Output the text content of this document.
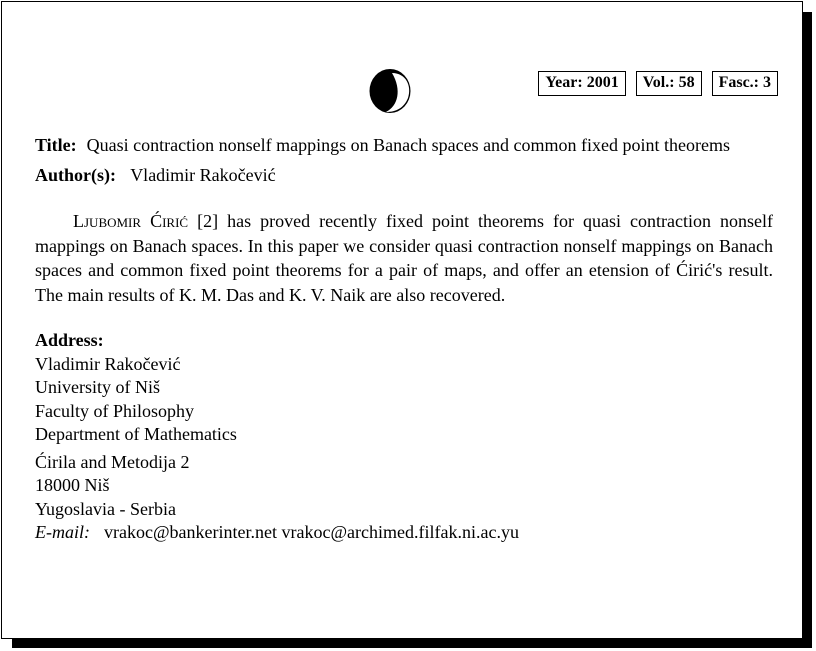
Year: 2001	Vol.: 58	Fasc.: 3
Title: Quasi contraction nonself mappings on Banach spaces and common fixed point theorems
Author(s): Vladimir Rakočević
Ljubomir Ćirić [2] has proved recently fixed point theorems for quasi contraction nonself mappings on Banach spaces. In this paper we consider quasi contraction nonself mappings on Banach spaces and common fixed point theorems for a pair of maps, and offer an etension of Ćirić's result. The main results of K. M. Das and K. V. Naik are also recovered.
Address:
Vladimir Rakočević
University of Niš
Faculty of Philosophy
Department of Mathematics
Ćirila and Metodija 2
18000 Niš
Yugoslavia - Serbia
E-mail: vrakoc@bankerinter.net vrakoc@archimed.filfak.ni.ac.yu
